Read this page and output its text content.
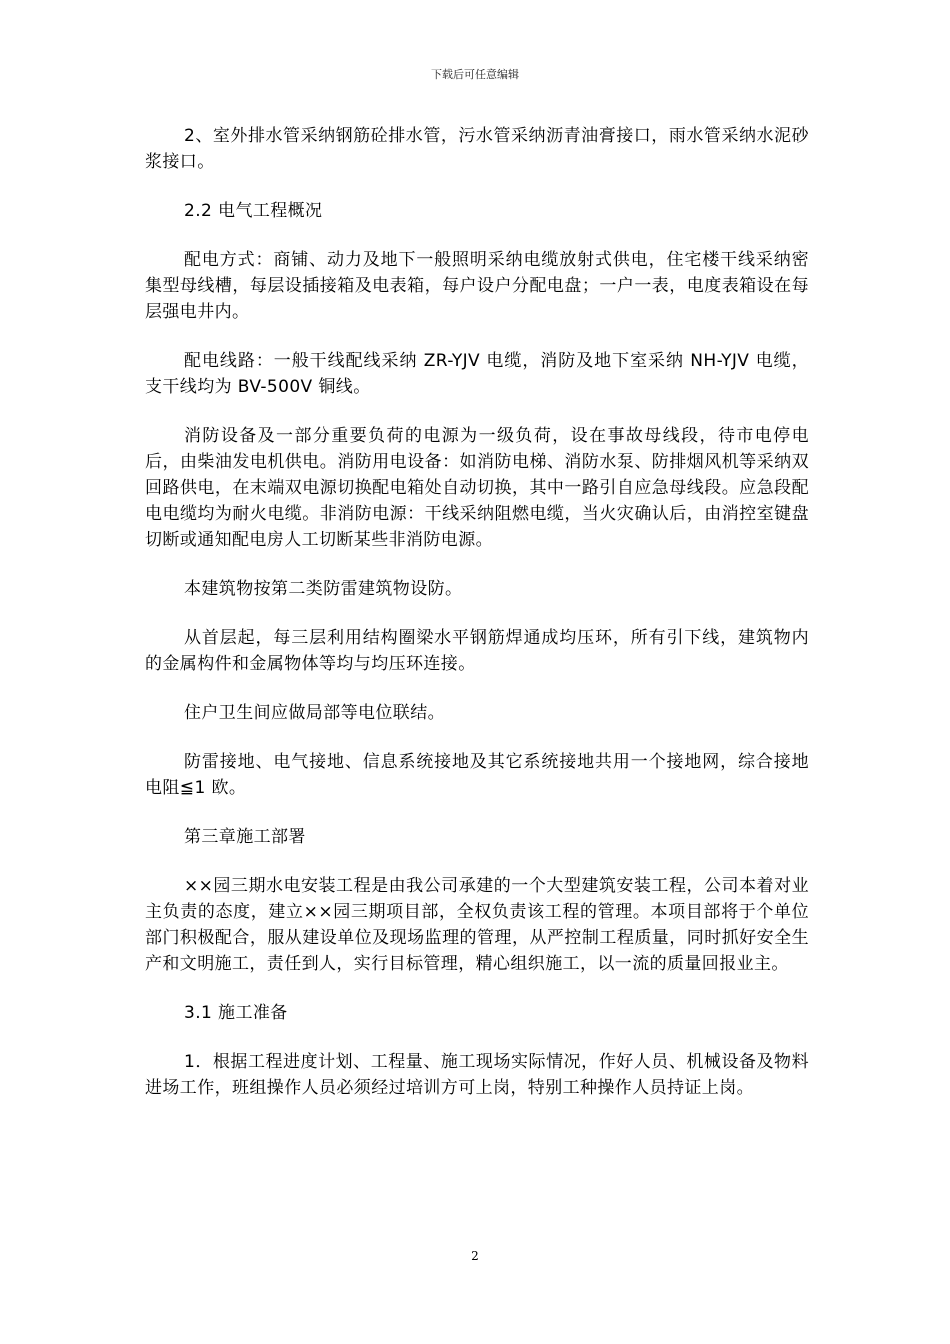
下载后可任意编辑

2、室外排水管采纳钢筋砼排水管，污水管采纳沥青油膏接口，雨水管采纳水泥砂浆接口。

2.2 电气工程概况

配电方式：商铺、动力及地下一般照明采纳电缆放射式供电，住宅楼干线采纳密集型母线槽，每层设插接箱及电表箱，每户设户分配电盘；一户一表，电度表箱设在每层强电井内。

配电线路：一般干线配线采纳 ZR-YJV 电缆，消防及地下室采纳 NH-YJV 电缆，支干线均为 BV-500V 铜线。

消防设备及一部分重要负荷的电源为一级负荷，设在事故母线段，待市电停电后，由柴油发电机供电。消防用电设备：如消防电梯、消防水泵、防排烟风机等采纳双回路供电，在末端双电源切换配电箱处自动切换，其中一路引自应急母线段。应急段配电电缆均为耐火电缆。非消防电源：干线采纳阻燃电缆，当火灾确认后，由消控室键盘切断或通知配电房人工切断某些非消防电源。

本建筑物按第二类防雷建筑物设防。

从首层起，每三层利用结构圈梁水平钢筋焊通成均压环，所有引下线，建筑物内的金属构件和金属物体等均与均压环连接。

住户卫生间应做局部等电位联结。

防雷接地、电气接地、信息系统接地及其它系统接地共用一个接地网，综合接地电阻≦1 欧。

第三章施工部署

××园三期水电安装工程是由我公司承建的一个大型建筑安装工程，公司本着对业主负责的态度，建立××园三期项目部，全权负责该工程的管理。本项目部将于个单位部门积极配合，服从建设单位及现场监理的管理，从严控制工程质量，同时抓好安全生产和文明施工，责任到人，实行目标管理，精心组织施工，以一流的质量回报业主。

3.1 施工准备

1．根据工程进度计划、工程量、施工现场实际情况，作好人员、机械设备及物料进场工作，班组操作人员必须经过培训方可上岗，特别工种操作人员持证上岗。

2
